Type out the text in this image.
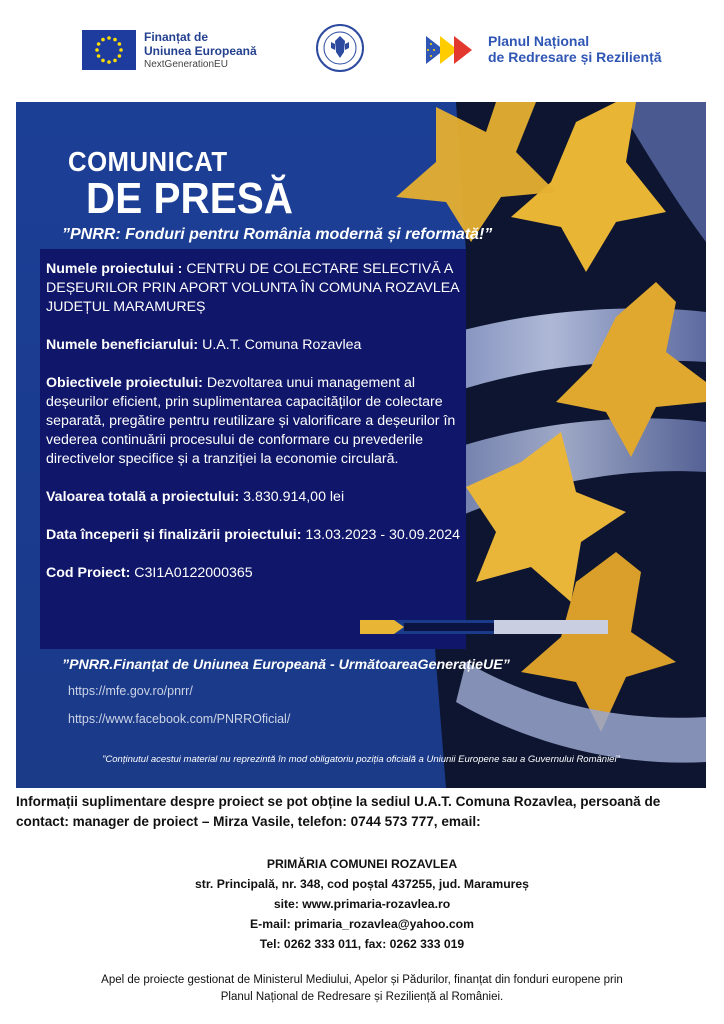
Finanțat de
Uniunea Europeană
NextGenerationEU
Planul Național
de Redresare și Reziliență
COMUNICAT
DE PRESĂ
”PNRR: Fonduri pentru România modernă și reformată!”

Numele proiectului : CENTRU DE COLECTARE SELECTIVĂ A DEȘEURILOR PRIN APORT VOLUNTA ÎN COMUNA ROZAVLEA JUDEȚUL MARAMUREȘ

Numele beneficiarului: U.A.T. Comuna Rozavlea

Obiectivele proiectului: Dezvoltarea unui management al deșeurilor eficient, prin suplimentarea capacităților de colectare separată, pregătire pentru reutilizare și valorificare a deșeurilor în vederea continuării procesului de conformare cu prevederile directivelor specifice și a tranziției la economie circulară.

Valoarea totală a proiectului: 3.830.914,00 lei

Data începerii și finalizării proiectului: 13.03.2023 - 30.09.2024

Cod Proiect: C3I1A0122000365

”PNRR.Finanțat de Uniunea Europeană - UrmătoareaGenerațieUE”
https://mfe.gov.ro/pnrr/
https://www.facebook.com/PNRROficial/
”Conținutul acestui material nu reprezintă în mod obligatoriu poziția oficială a Uniunii Europene sau a Guvernului României”
Informații suplimentare despre proiect se pot obține la sediul U.A.T. Comuna Rozavlea, persoană de contact: manager de proiect – Mirza Vasile, telefon: 0744 573 777, email:
PRIMĂRIA COMUNEI ROZAVLEA
str. Principală, nr. 348, cod poștal 437255, jud. Maramureș
site: www.primaria-rozavlea.ro
E-mail: primaria_rozavlea@yahoo.com
Tel: 0262 333 011, fax: 0262 333 019
Apel de proiecte gestionat de Ministerul Mediului, Apelor și Pădurilor, finanțat din fonduri europene prin
Planul Național de Redresare și Reziliență al României.
